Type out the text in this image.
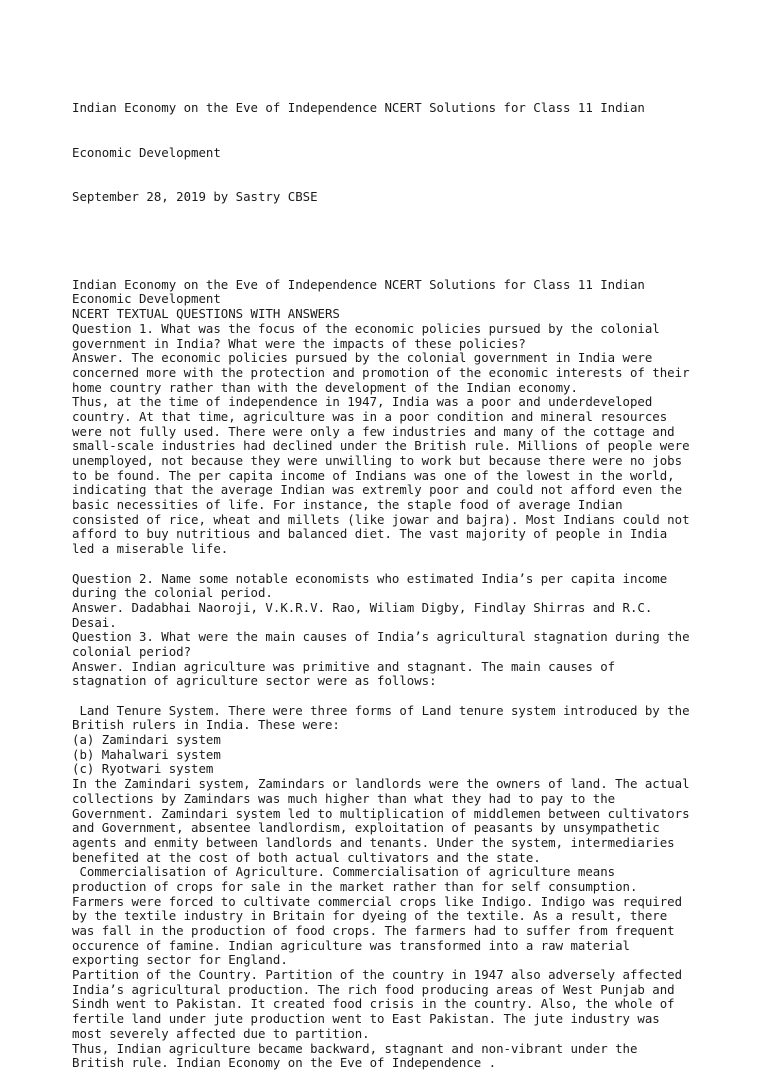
Indian Economy on the Eve of Independence NCERT Solutions for Class 11 Indian

Economic Development

September 28, 2019 by Sastry CBSE

Indian Economy on the Eve of Independence NCERT Solutions for Class 11 Indian
Economic Development
NCERT TEXTUAL QUESTIONS WITH ANSWERS
Question 1. What was the focus of the economic policies pursued by the colonial
government in India? What were the impacts of these policies?
Answer. The economic policies pursued by the colonial government in India were
concerned more with the protection and promotion of the economic interests of their
home country rather than with the development of the Indian economy.
Thus, at the time of independence in 1947, India was a poor and underdeveloped
country. At that time, agriculture was in a poor condition and mineral resources
were not fully used. There were only a few industries and many of the cottage and
small-scale industries had declined under the British rule. Millions of people were
unemployed, not because they were unwilling to work but because there were no jobs
to be found. The per capita income of Indians was one of the lowest in the world,
indicating that the average Indian was extremly poor and could not afford even the
basic necessities of life. For instance, the staple food of average Indian
consisted of rice, wheat and millets (like jowar and bajra). Most Indians could not
afford to buy nutritious and balanced diet. The vast majority of people in India
led a miserable life.
Question 2. Name some notable economists who estimated India’s per capita income
during the colonial period.
Answer. Dadabhai Naoroji, V.K.R.V. Rao, Wiliam Digby, Findlay Shirras and R.C.
Desai.
Question 3. What were the main causes of India’s agricultural stagnation during the
colonial period?
Answer. Indian agriculture was primitive and stagnant. The main causes of
stagnation of agriculture sector were as follows:
Land Tenure System. There were three forms of Land tenure system introduced by the
British rulers in India. These were:
(a) Zamindari system
(b) Mahalwari system
(c) Ryotwari system
In the Zamindari system, Zamindars or landlords were the owners of land. The actual
collections by Zamindars was much higher than what they had to pay to the
Government. Zamindari system led to multiplication of middlemen between cultivators
and Government, absentee landlordism, exploitation of peasants by unsympathetic
agents and enmity between landlords and tenants. Under the system, intermediaries
benefited at the cost of both actual cultivators and the state.
Commercialisation of Agriculture. Commercialisation of agriculture means
production of crops for sale in the market rather than for self consumption.
Farmers were forced to cultivate commercial crops like Indigo. Indigo was required
by the textile industry in Britain for dyeing of the textile. As a result, there
was fall in the production of food crops. The farmers had to suffer from frequent
occurence of famine. Indian agriculture was transformed into a raw material
exporting sector for England.
Partition of the Country. Partition of the country in 1947 also adversely affected
India’s agricultural production. The rich food producing areas of West Punjab and
Sindh went to Pakistan. It created food crisis in the country. Also, the whole of
fertile land under jute production went to East Pakistan. The jute industry was
most severely affected due to partition.
Thus, Indian agriculture became backward, stagnant and non-vibrant under the
British rule. Indian Economy on the Eve of Independence .
